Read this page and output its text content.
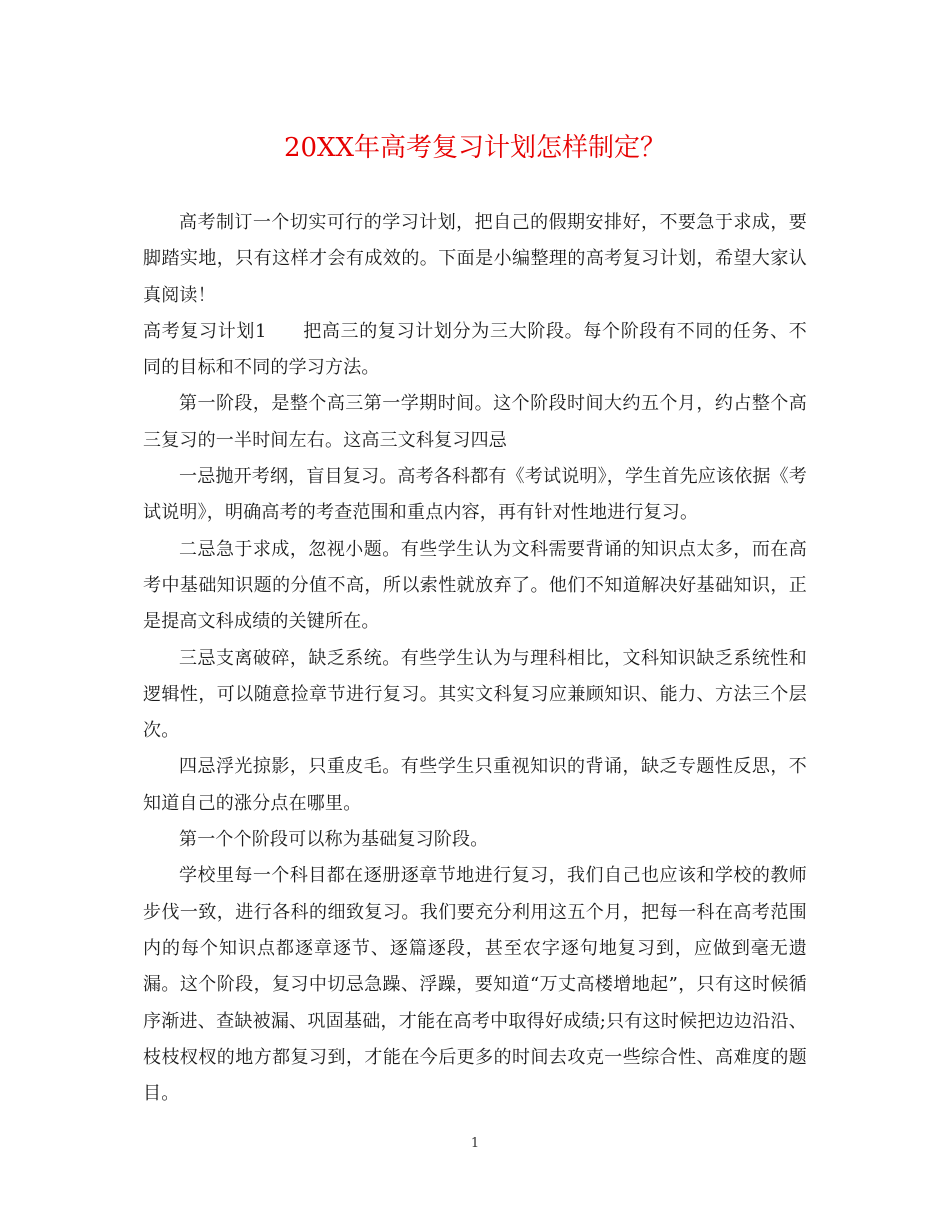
20XX年高考复习计划怎样制定？

高考制订一个切实可行的学习计划，把自己的假期安排好，不要急于求成，要脚踏实地，只有这样才会有成效的。下面是小编整理的高考复习计划，希望大家认真阅读！

高考复习计划1 把高三的复习计划分为三大阶段。每个阶段有不同的任务、不同的目标和不同的学习方法。

第一阶段，是整个高三第一学期时间。这个阶段时间大约五个月，约占整个高三复习的一半时间左右。这高三文科复习四忌

一忌抛开考纲，盲目复习。高考各科都有《考试说明》，学生首先应该依据《考试说明》，明确高考的考查范围和重点内容，再有针对性地进行复习。

二忌急于求成，忽视小题。有些学生认为文科需要背诵的知识点太多，而在高考中基础知识题的分值不高，所以索性就放弃了。他们不知道解决好基础知识，正是提高文科成绩的关键所在。

三忌支离破碎，缺乏系统。有些学生认为与理科相比，文科知识缺乏系统性和逻辑性，可以随意捡章节进行复习。其实文科复习应兼顾知识、能力、方法三个层次。

四忌浮光掠影，只重皮毛。有些学生只重视知识的背诵，缺乏专题性反思，不知道自己的涨分点在哪里。

第一个个阶段可以称为基础复习阶段。

学校里每一个科目都在逐册逐章节地进行复习，我们自己也应该和学校的教师步伐一致，进行各科的细致复习。我们要充分利用这五个月，把每一科在高考范围内的每个知识点都逐章逐节、逐篇逐段，甚至农字逐句地复习到，应做到毫无遗漏。这个阶段，复习中切忌急躁、浮躁，要知道“万丈高楼增地起”，只有这时候循序渐进、查缺被漏、巩固基础，才能在高考中取得好成绩;只有这时候把边边沿沿、枝枝杈杈的地方都复习到，才能在今后更多的时间去攻克一些综合性、高难度的题目。

1
